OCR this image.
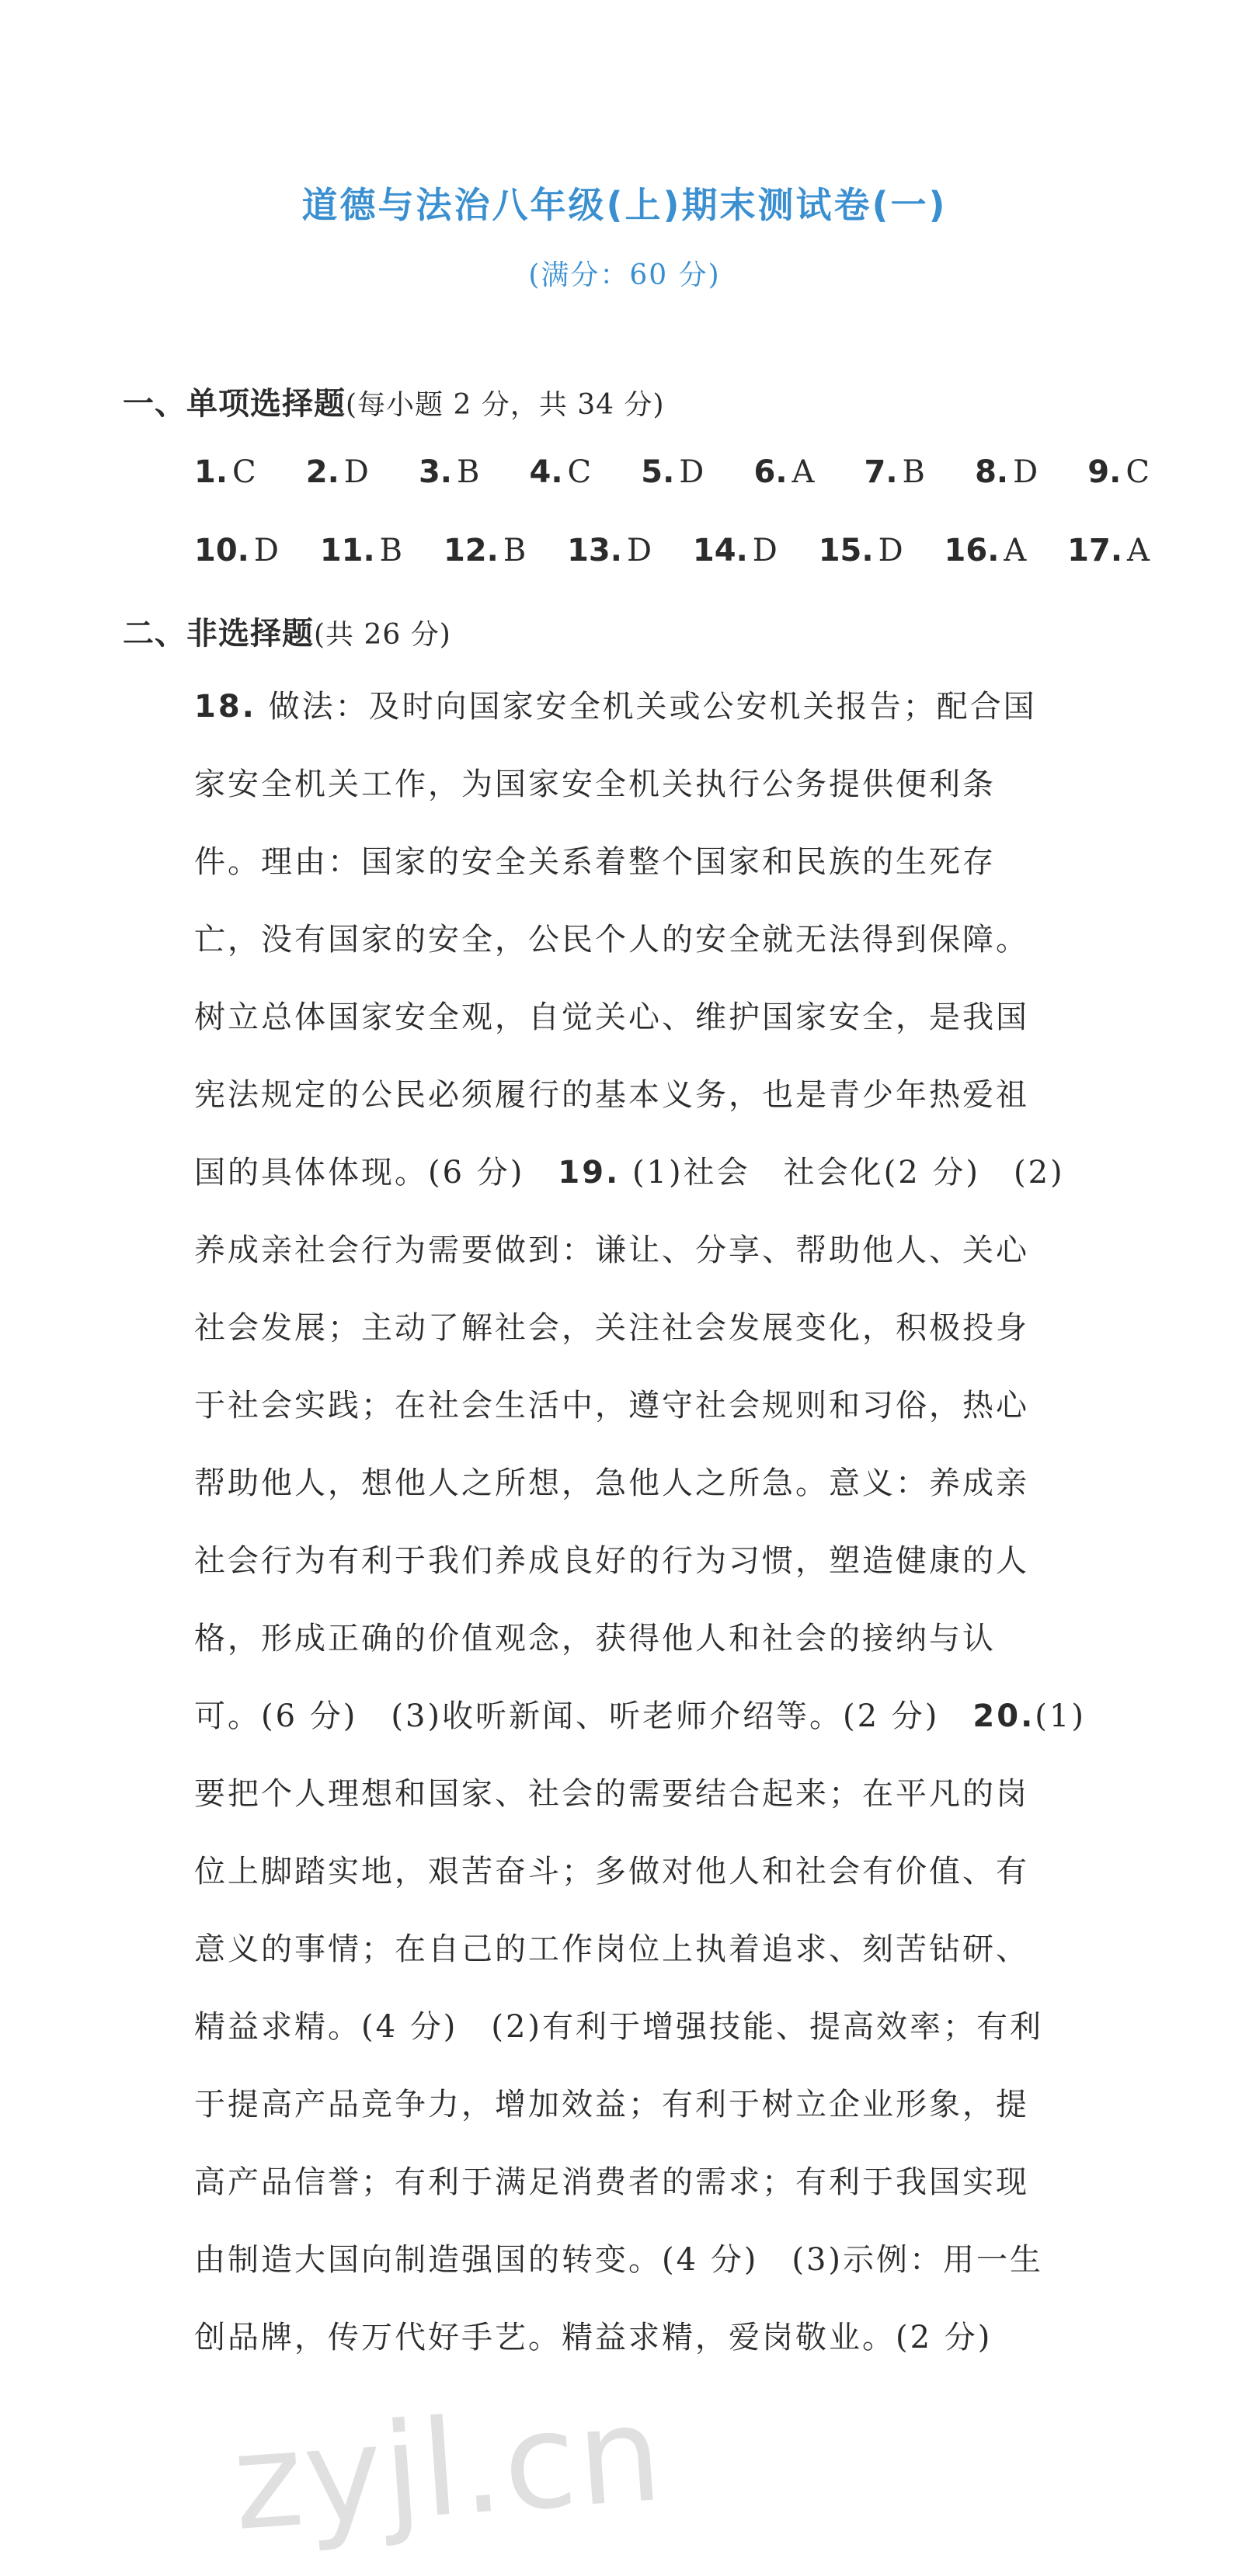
道德与法治八年级(上)期末测试卷(一)
(满分：60 分)
一、单项选择题(每小题 2 分，共 34 分)
1. C 2. D 3. B 4. C 5. D 6. A 7. B 8. D 9. C
10. D 11. B 12. B 13. D 14. D 15. D 16. A 17. A
二、非选择题(共 26 分)
18. 做法：及时向国家安全机关或公安机关报告；配合国
家安全机关工作，为国家安全机关执行公务提供便利条
件。理由：国家的安全关系着整个国家和民族的生死存
亡，没有国家的安全，公民个人的安全就无法得到保障。
树立总体国家安全观，自觉关心、维护国家安全，是我国
宪法规定的公民必须履行的基本义务，也是青少年热爱祖
国的具体体现。(6 分)　19. (1)社会　社会化(2 分)　(2)
养成亲社会行为需要做到：谦让、分享、帮助他人、关心
社会发展；主动了解社会，关注社会发展变化，积极投身
于社会实践；在社会生活中，遵守社会规则和习俗，热心
帮助他人，想他人之所想，急他人之所急。意义：养成亲
社会行为有利于我们养成良好的行为习惯，塑造健康的人
格，形成正确的价值观念，获得他人和社会的接纳与认
可。(6 分)　(3)收听新闻、听老师介绍等。(2 分)　20.(1)
要把个人理想和国家、社会的需要结合起来；在平凡的岗
位上脚踏实地，艰苦奋斗；多做对他人和社会有价值、有
意义的事情；在自己的工作岗位上执着追求、刻苦钻研、
精益求精。(4 分)　(2)有利于增强技能、提高效率；有利
于提高产品竞争力，增加效益；有利于树立企业形象，提
高产品信誉；有利于满足消费者的需求；有利于我国实现
由制造大国向制造强国的转变。(4 分)　(3)示例：用一生
创品牌，传万代好手艺。精益求精，爱岗敬业。(2 分)
zyjl.cn
